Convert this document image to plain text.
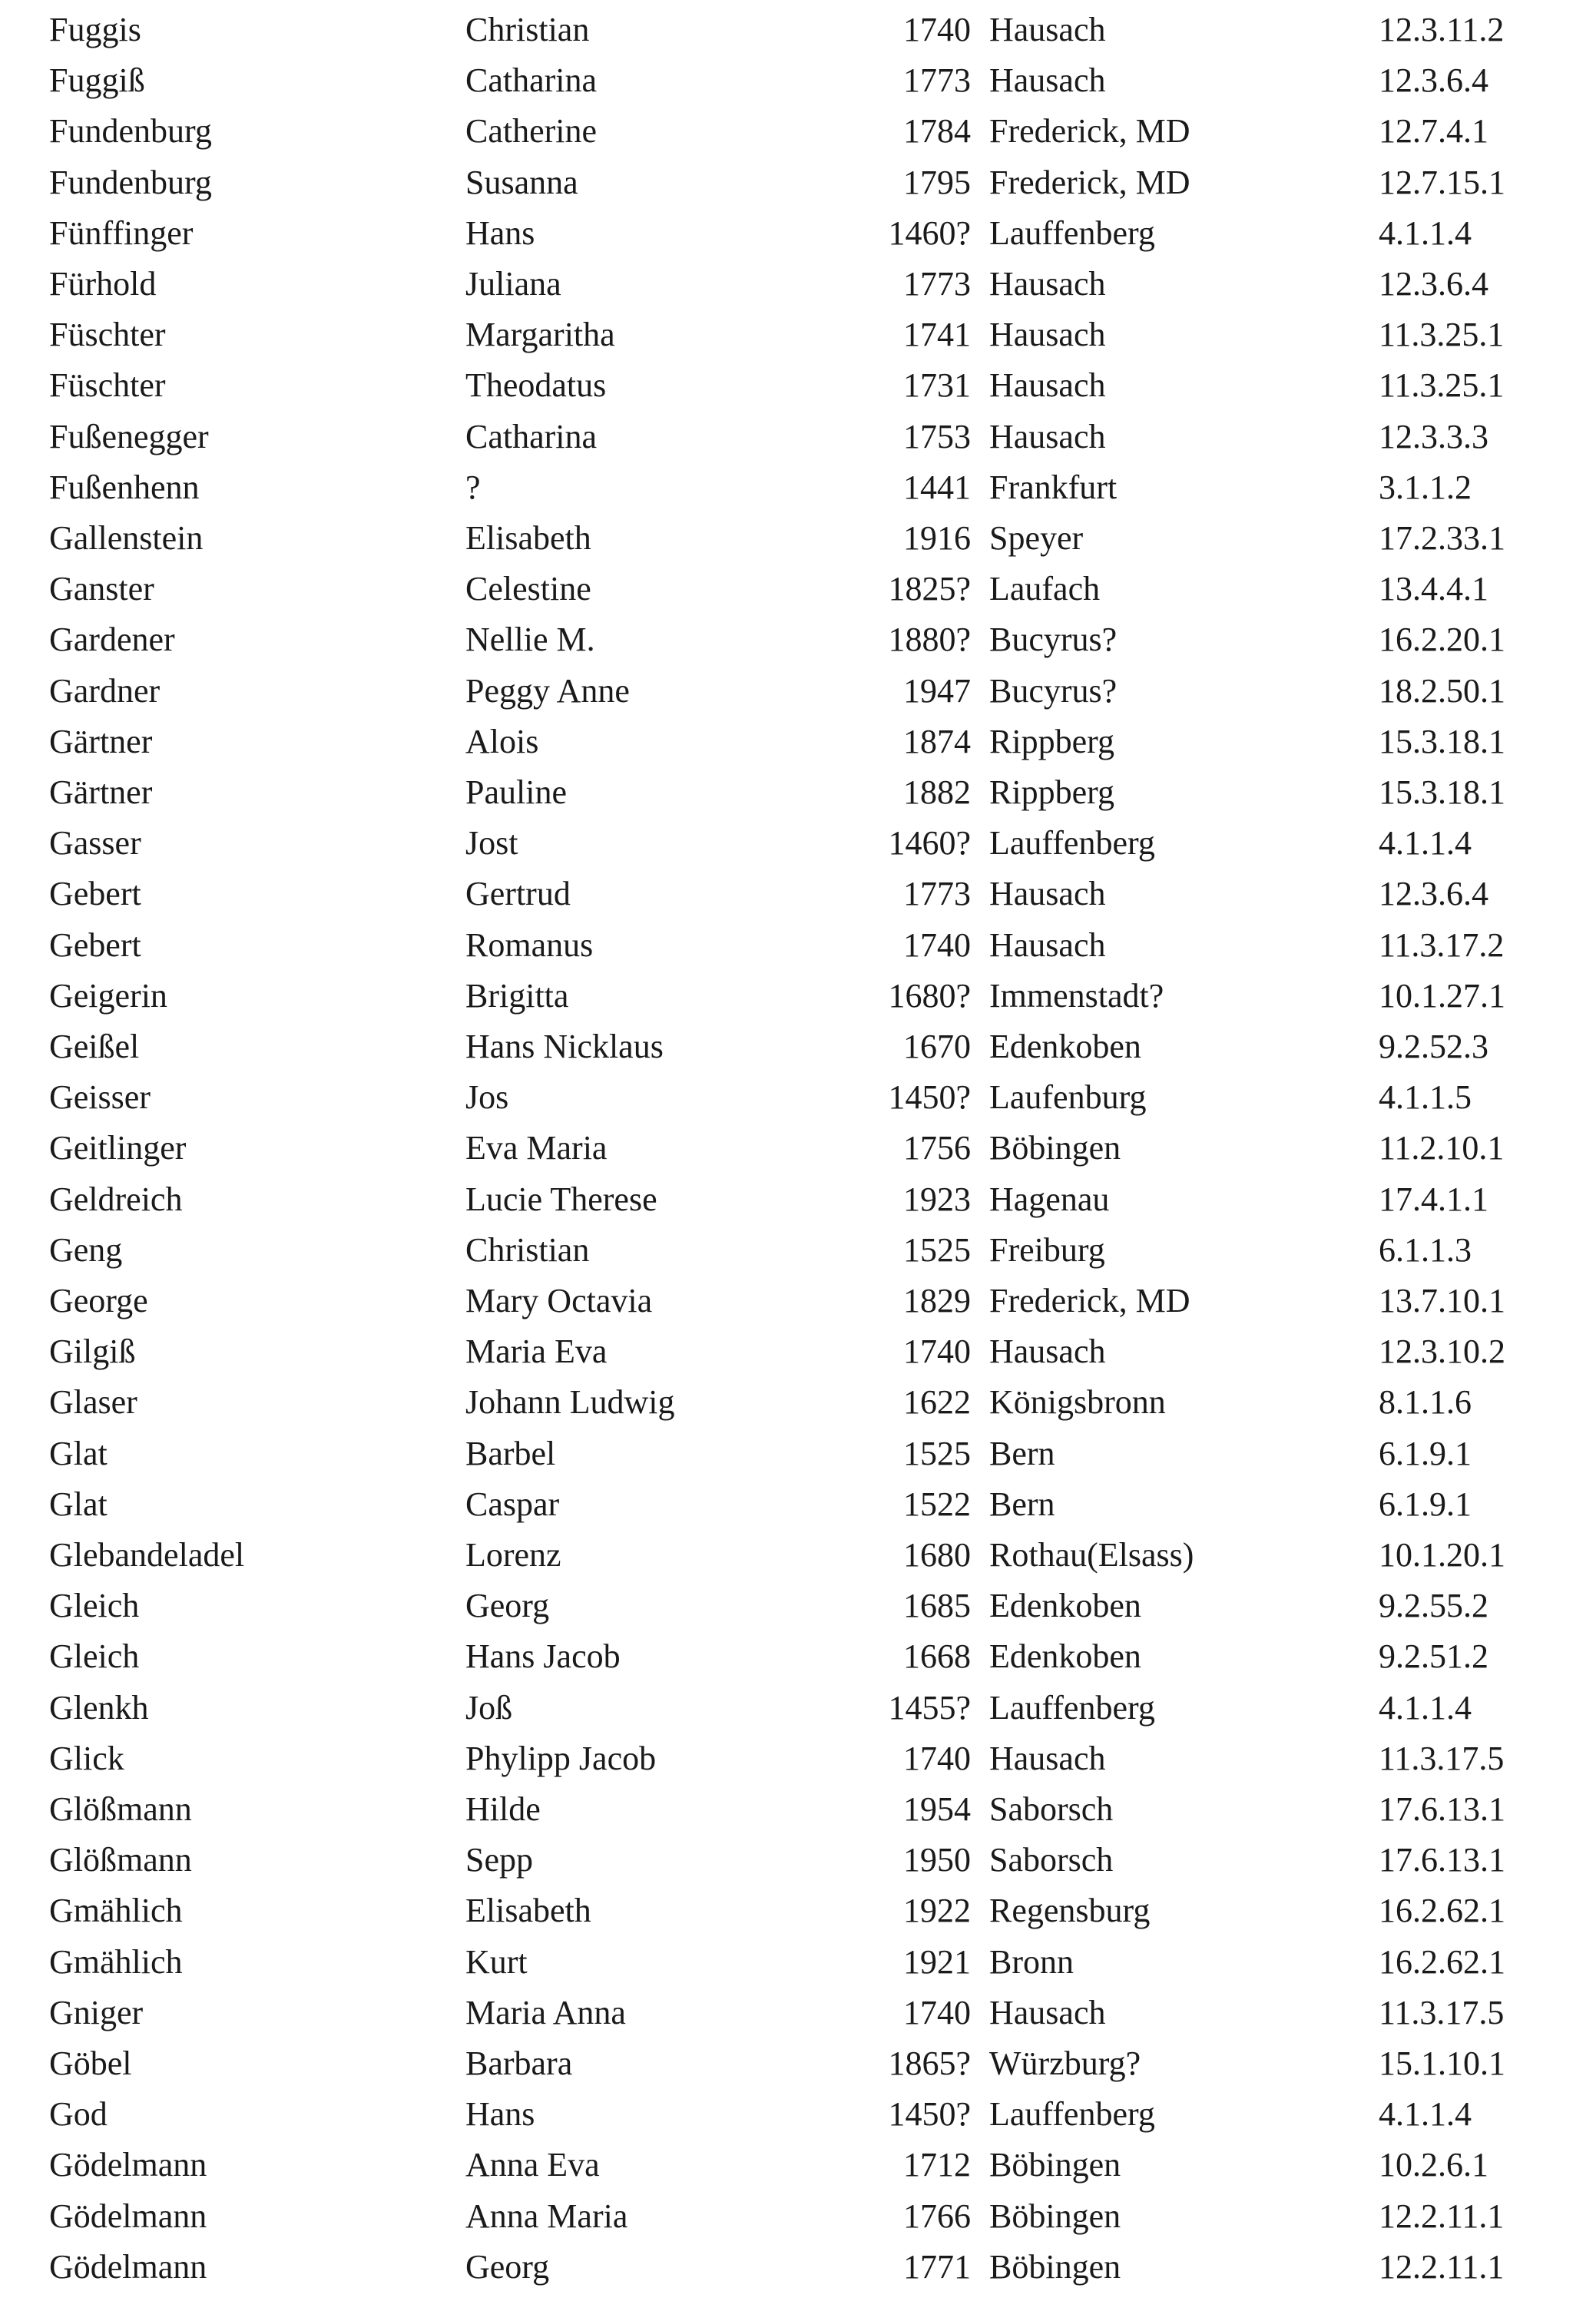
Fuggis	Christian	1740 Hausach	12.3.11.2
Fuggiß	Catharina	1773 Hausach	12.3.6.4
Fundenburg	Catherine	1784 Frederick, MD	12.7.4.1
Fundenburg	Susanna	1795 Frederick, MD	12.7.15.1
Fünffinger	Hans	1460? Lauffenberg	4.1.1.4
Fürhold	Juliana	1773 Hausach	12.3.6.4
Füschter	Margaritha	1741 Hausach	11.3.25.1
Füschter	Theodatus	1731 Hausach	11.3.25.1
Fußenegger	Catharina	1753 Hausach	12.3.3.3
Fußenhenn	?	1441 Frankfurt	3.1.1.2
Gallenstein	Elisabeth	1916 Speyer	17.2.33.1
Ganster	Celestine	1825? Laufach	13.4.4.1
Gardener	Nellie M.	1880? Bucyrus?	16.2.20.1
Gardner	Peggy Anne	1947 Bucyrus?	18.2.50.1
Gärtner	Alois	1874 Rippberg	15.3.18.1
Gärtner	Pauline	1882 Rippberg	15.3.18.1
Gasser	Jost	1460? Lauffenberg	4.1.1.4
Gebert	Gertrud	1773 Hausach	12.3.6.4
Gebert	Romanus	1740 Hausach	11.3.17.2
Geigerin	Brigitta	1680? Immenstadt?	10.1.27.1
Geißel	Hans Nicklaus	1670 Edenkoben	9.2.52.3
Geisser	Jos	1450? Laufenburg	4.1.1.5
Geitlinger	Eva Maria	1756 Böbingen	11.2.10.1
Geldreich	Lucie Therese	1923 Hagenau	17.4.1.1
Geng	Christian	1525 Freiburg	6.1.1.3
George	Mary Octavia	1829 Frederick, MD	13.7.10.1
Gilgiß	Maria Eva	1740 Hausach	12.3.10.2
Glaser	Johann Ludwig	1622 Königsbronn	8.1.1.6
Glat	Barbel	1525 Bern	6.1.9.1
Glat	Caspar	1522 Bern	6.1.9.1
Glebandeladel	Lorenz	1680 Rothau(Elsass)	10.1.20.1
Gleich	Georg	1685 Edenkoben	9.2.55.2
Gleich	Hans Jacob	1668 Edenkoben	9.2.51.2
Glenkh	Joß	1455? Lauffenberg	4.1.1.4
Glick	Phylipp Jacob	1740 Hausach	11.3.17.5
Glößmann	Hilde	1954 Saborsch	17.6.13.1
Glößmann	Sepp	1950 Saborsch	17.6.13.1
Gmählich	Elisabeth	1922 Regensburg	16.2.62.1
Gmählich	Kurt	1921 Bronn	16.2.62.1
Gniger	Maria Anna	1740 Hausach	11.3.17.5
Göbel	Barbara	1865? Würzburg?	15.1.10.1
God	Hans	1450? Lauffenberg	4.1.1.4
Gödelmann	Anna Eva	1712 Böbingen	10.2.6.1
Gödelmann	Anna Maria	1766 Böbingen	12.2.11.1
Gödelmann	Georg	1771 Böbingen	12.2.11.1
